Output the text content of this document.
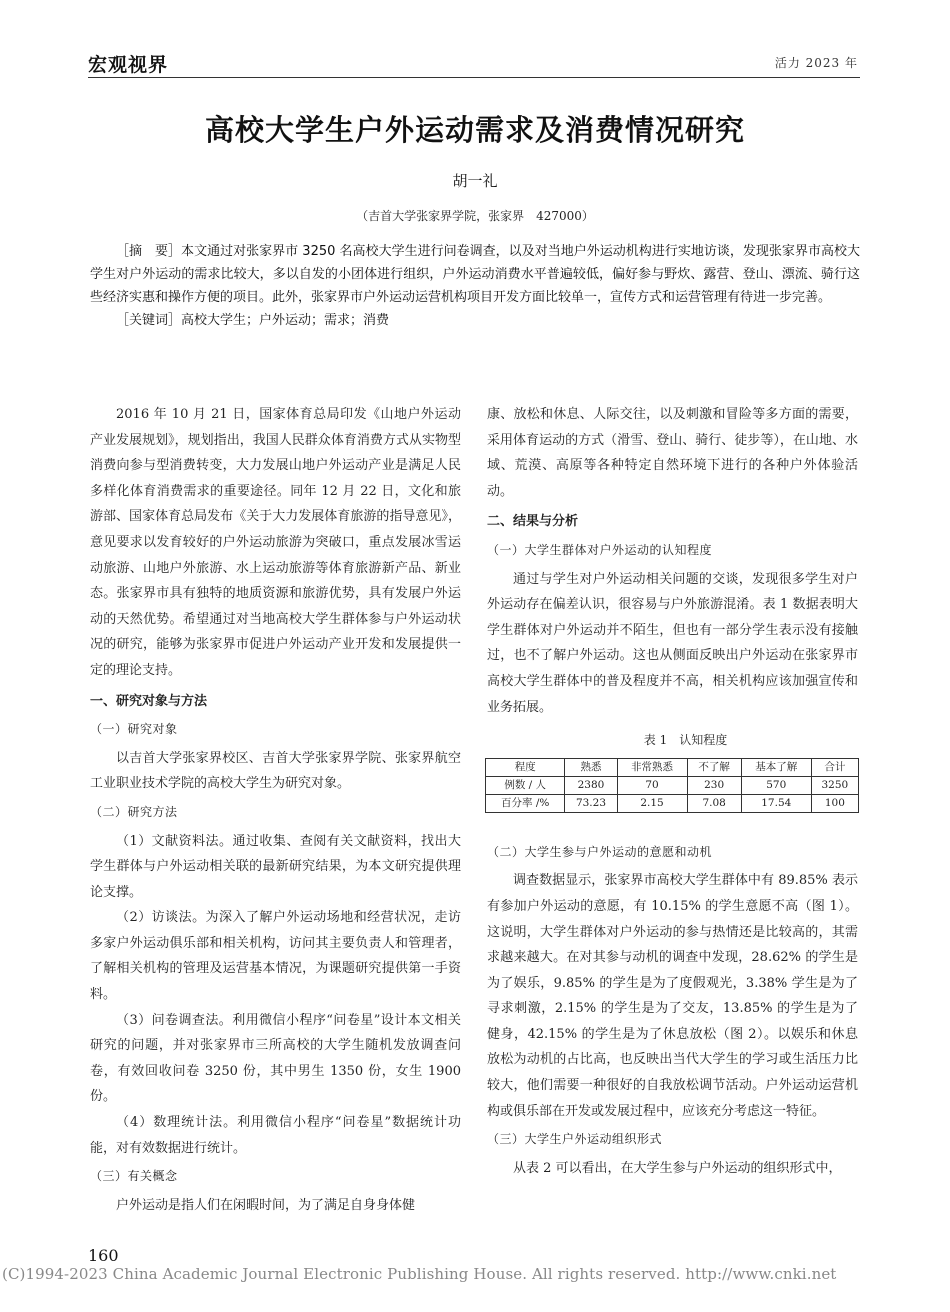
宏观视界	活力 2023 年
高校大学生户外运动需求及消费情况研究
胡一礼
（吉首大学张家界学院，张家界　427000）

［摘　要］本文通过对张家界市 3250 名高校大学生进行问卷调查，以及对当地户外运动机构进行实地访谈，发现张家界市高校大学生对户外运动的需求比较大，多以自发的小团体进行组织，户外运动消费水平普遍较低，偏好参与野炊、露营、登山、漂流、骑行这些经济实惠和操作方便的项目。此外，张家界市户外运动运营机构项目开发方面比较单一，宣传方式和运营管理有待进一步完善。

［关键词］高校大学生；户外运动；需求；消费

2016 年 10 月 21 日，国家体育总局印发《山地户外运动产业发展规划》，规划指出，我国人民群众体育消费方式从实物型消费向参与型消费转变，大力发展山地户外运动产业是满足人民多样化体育消费需求的重要途径。同年 12 月 22 日，文化和旅游部、国家体育总局发布《关于大力发展体育旅游的指导意见》，意见要求以发育较好的户外运动旅游为突破口，重点发展冰雪运动旅游、山地户外旅游、水上运动旅游等体育旅游新产品、新业态。张家界市具有独特的地质资源和旅游优势，具有发展户外运动的天然优势。希望通过对当地高校大学生群体参与户外运动状况的研究，能够为张家界市促进户外运动产业开发和发展提供一定的理论支持。

一、研究对象与方法

（一）研究对象

以吉首大学张家界校区、吉首大学张家界学院、张家界航空工业职业技术学院的高校大学生为研究对象。

（二）研究方法

（1）文献资料法。通过收集、查阅有关文献资料，找出大学生群体与户外运动相关联的最新研究结果，为本文研究提供理论支撑。

（2）访谈法。为深入了解户外运动场地和经营状况，走访多家户外运动俱乐部和相关机构，访问其主要负责人和管理者，了解相关机构的管理及运营基本情况，为课题研究提供第一手资料。

（3）问卷调查法。利用微信小程序“问卷星”设计本文相关研究的问题，并对张家界市三所高校的大学生随机发放调查问卷，有效回收问卷 3250 份，其中男生 1350 份，女生 1900 份。

（4）数理统计法。利用微信小程序“问卷星”数据统计功能，对有效数据进行统计。

（三）有关概念

户外运动是指人们在闲暇时间，为了满足自身身体健

康、放松和休息、人际交往，以及刺激和冒险等多方面的需要，采用体育运动的方式（滑雪、登山、骑行、徒步等），在山地、水域、荒漠、高原等各种特定自然环境下进行的各种户外体验活动。

二、结果与分析

（一）大学生群体对户外运动的认知程度

通过与学生对户外运动相关问题的交谈，发现很多学生对户外运动存在偏差认识，很容易与户外旅游混淆。表 1 数据表明大学生群体对户外运动并不陌生，但也有一部分学生表示没有接触过，也不了解户外运动。这也从侧面反映出户外运动在张家界市高校大学生群体中的普及程度并不高，相关机构应该加强宣传和业务拓展。

表 1　认知程度

程度	熟悉	非常熟悉	不了解	基本了解	合计
例数 / 人	2380	70	230	570	3250
百分率 /%	73.23	2.15	7.08	17.54	100

（二）大学生参与户外运动的意愿和动机

调查数据显示，张家界市高校大学生群体中有 89.85% 表示有参加户外运动的意愿，有 10.15% 的学生意愿不高（图 1）。这说明，大学生群体对户外运动的参与热情还是比较高的，其需求越来越大。在对其参与动机的调查中发现，28.62% 的学生是为了娱乐，9.85% 的学生是为了度假观光，3.38% 学生是为了寻求刺激，2.15% 的学生是为了交友，13.85% 的学生是为了健身，42.15% 的学生是为了休息放松（图 2）。以娱乐和休息放松为动机的占比高，也反映出当代大学生的学习或生活压力比较大，他们需要一种很好的自我放松调节活动。户外运动运营机构或俱乐部在开发或发展过程中，应该充分考虑这一特征。

（三）大学生户外运动组织形式

从表 2 可以看出，在大学生参与户外运动的组织形式中，

160
(C)1994-2023 China Academic Journal Electronic Publishing House. All rights reserved. http://www.cnki.net
